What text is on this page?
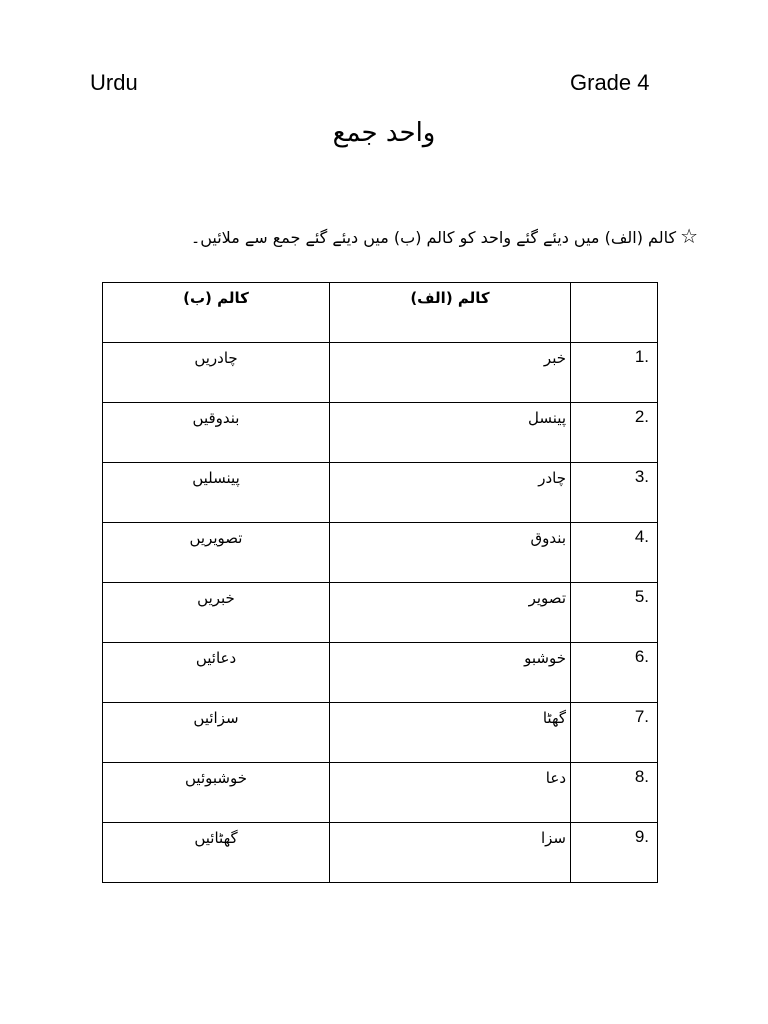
Urdu	Grade 4
واحد جمع
☆کالم (الف) میں دیئے گئے واحد کو کالم (ب) میں دیئے گئے جمع سے ملائیں۔
	کالم (الف)	کالم (ب)
1.	خبر	چادریں
2.	پینسل	بندوقیں
3.	چادر	پینسلیں
4.	بندوق	تصویریں
5.	تصویر	خبریں
6.	خوشبو	دعائیں
7.	گھٹا	سزائیں
8.	دعا	خوشبوئیں
9.	سزا	گھٹائیں
